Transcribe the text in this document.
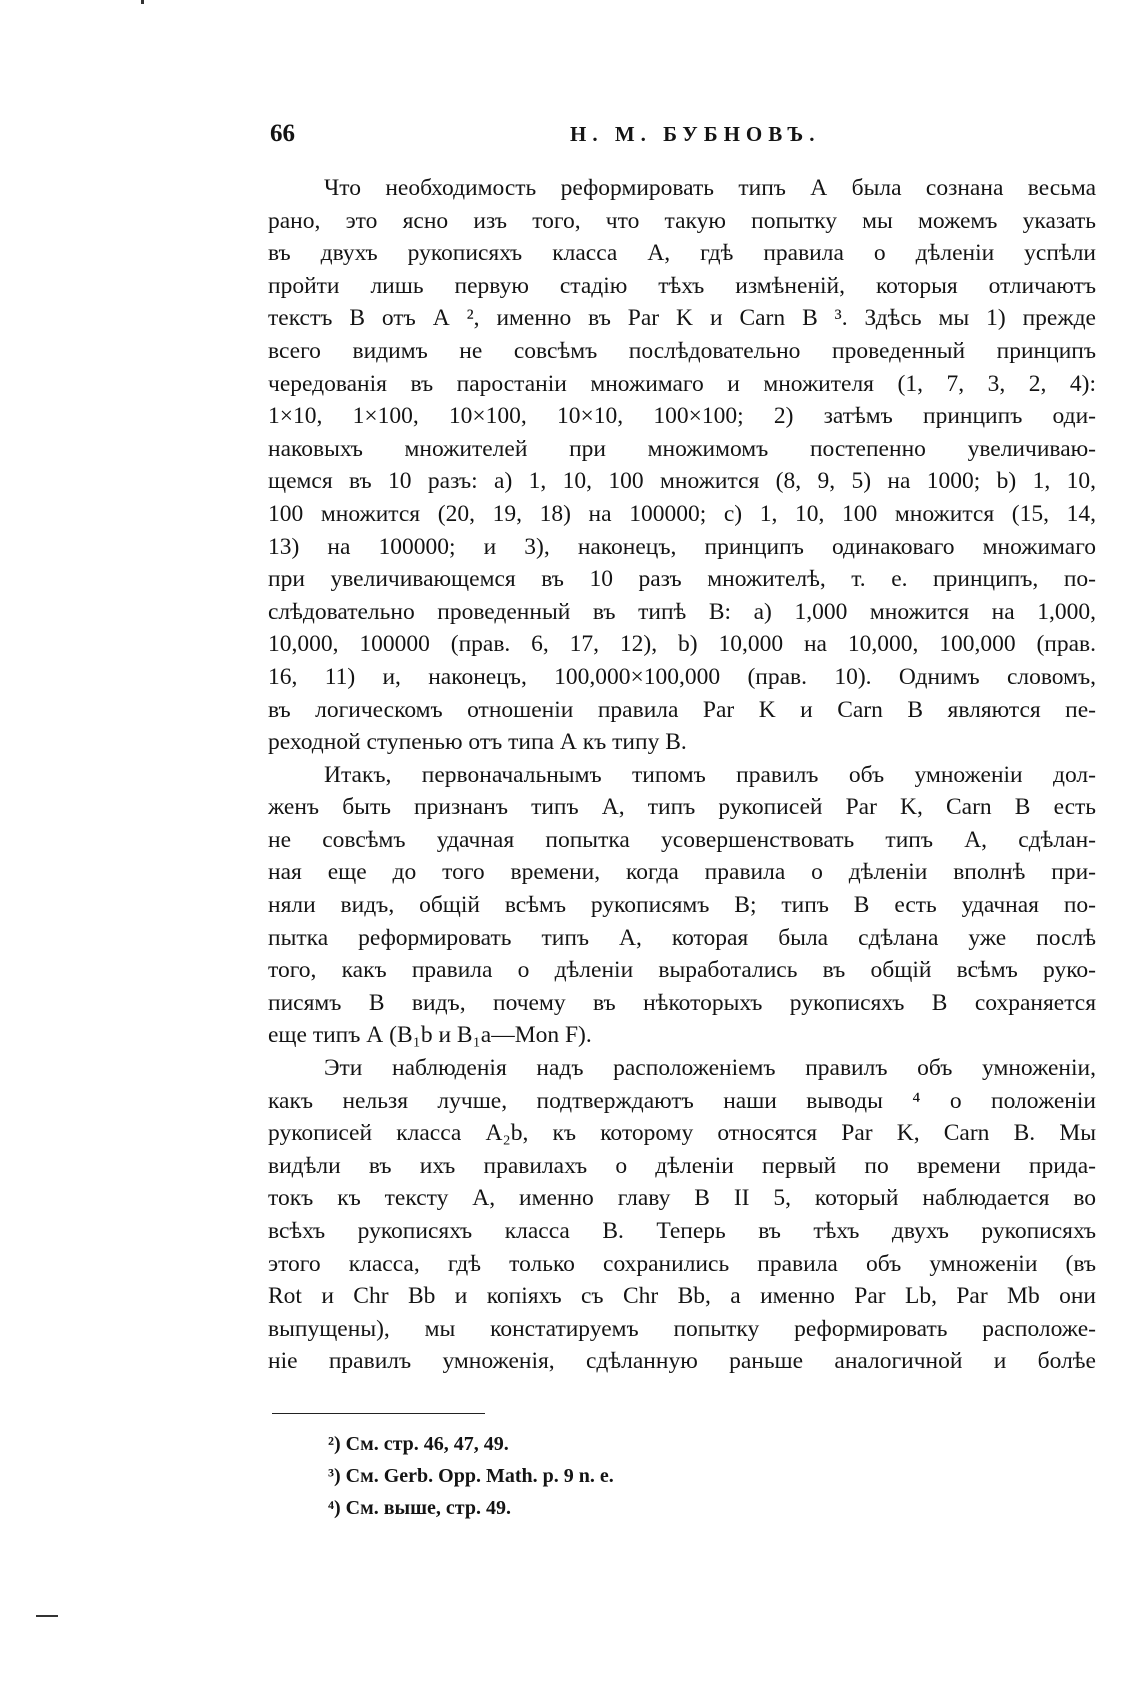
66	Н. М. БУБНОВЪ.
Что необходимость реформировать типъ А была сознана весьма
рано, это ясно изъ того, что такую попытку мы можемъ указать
въ двухъ рукописяхъ класса А, гдѣ правила о дѣленіи успѣли
пройти лишь первую стадію тѣхъ измѣненій, которыя отличаютъ
текстъ В отъ А ², именно въ Par K и Carn B ³. Здѣсь мы 1) прежде
всего видимъ не совсѣмъ послѣдовательно проведенный принципъ
чередованія въ паростаніи множимаго и множителя (1, 7, 3, 2, 4):
1×10, 1×100, 10×100, 10×10, 100×100; 2) затѣмъ принципъ оди-
наковыхъ множителей при множимомъ постепенно увеличиваю-
щемся въ 10 разъ: а) 1, 10, 100 множится (8, 9, 5) на 1000; b) 1, 10,
100 множится (20, 19, 18) на 100000; c) 1, 10, 100 множится (15, 14,
13) на 100000; и 3), наконецъ, принципъ одинаковаго множимаго
при увеличивающемся въ 10 разъ множителѣ, т. е. принципъ, по-
слѣдовательно проведенный въ типѣ B: а) 1,000 множится на 1,000,
10,000, 100000 (прав. 6, 17, 12), b) 10,000 на 10,000, 100,000 (прав.
16, 11) и, наконецъ, 100,000×100,000 (прав. 10). Однимъ словомъ,
въ логическомъ отношеніи правила Par K и Carn B являются пе-
реходной ступенью отъ типа А къ типу В.
Итакъ, первоначальнымъ типомъ правилъ объ умноженіи дол-
женъ быть признанъ типъ А, типъ рукописей Par K, Carn B есть
не совсѣмъ удачная попытка усовершенствовать типъ А, сдѣлан-
ная еще до того времени, когда правила о дѣленіи вполнѣ при-
няли видъ, общій всѣмъ рукописямъ B; типъ B есть удачная по-
пытка реформировать типъ А, которая была сдѣлана уже послѣ
того, какъ правила о дѣленіи выработались въ общій всѣмъ руко-
писямъ B видъ, почему въ нѣкоторыхъ рукописяхъ B сохраняется
еще типъ А (B₁b и B₁a—Mon F).
Эти наблюденія надъ расположеніемъ правилъ объ умноженіи,
какъ нельзя лучше, подтверждаютъ наши выводы ⁴ о положеніи
рукописей класса A₂b, къ которому относятся Par K, Carn B. Мы
видѣли въ ихъ правилахъ о дѣленіи первый по времени прида-
токъ къ тексту А, именно главу В II 5, который наблюдается во
всѣхъ рукописяхъ класса В. Теперь въ тѣхъ двухъ рукописяхъ
этого класса, гдѣ только сохранились правила объ умноженіи (въ
Rot и Chr Bb и копіяхъ съ Chr Bb, а именно Par Lb, Par Mb они
выпущены), мы констатируемъ попытку реформировать расположе-
ніе правилъ умноженія, сдѣланную раньше аналогичной и болѣе
²) См. стр. 46, 47, 49.
³) См. Gerb. Opp. Math. p. 9 n. e.
⁴) См. выше, стр. 49.
